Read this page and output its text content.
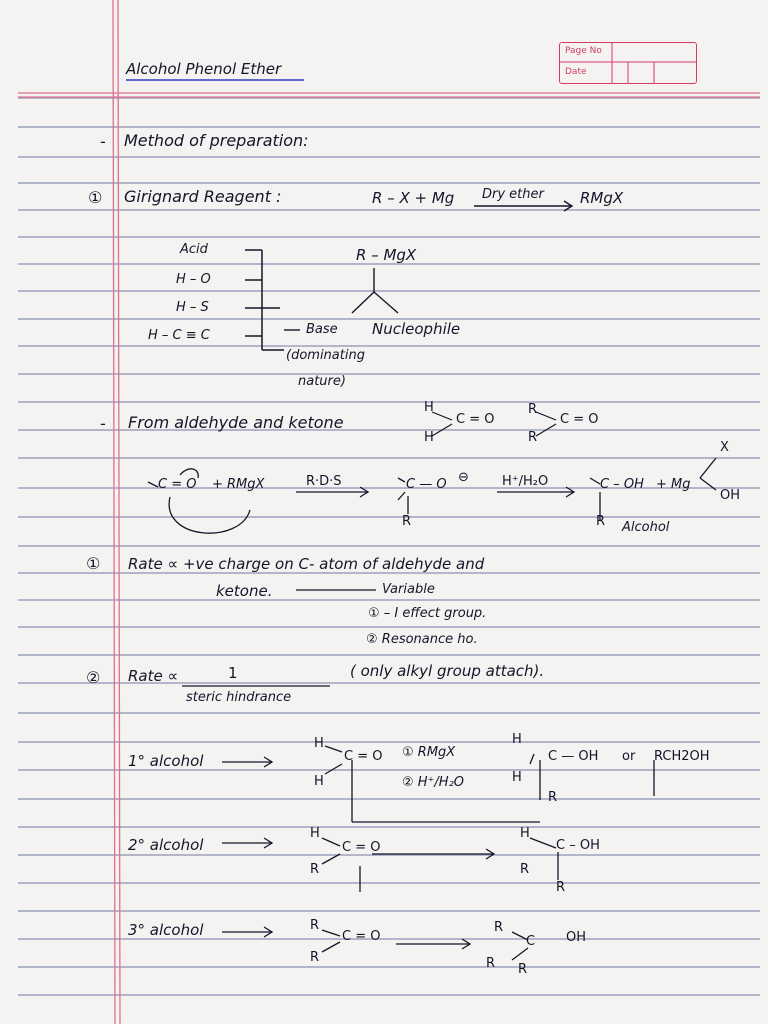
Page No
Date
Alcohol Phenol Ether
- Method of preparation:
① Girignard Reagent :	R – X + Mg Dry ether RMgX
Acid
H – O
H – S
H – C ≡ C
R – MgX
Base Nucleophile
(dominating
nature)
- From aldehyde and ketone
H
H
C = O
R
R
C = O
C = O + RMgX	R·D·S	C — O ⊖
R
H⁺/H₂O	C – OH + Mg
X
OH
R Alcohol
① Rate ∝ +ve charge on C- atom of aldehyde and
ketone.	Variable
① – I effect group.
② Resonance ho.
② Rate ∝	1
steric hindrance
( only alkyl group attach).
1° alcohol
H
H
C = O ① RMgX
② H⁺/H₂O
H
H
C — OH
R
or RCH2OH
2° alcohol
H
R
C = O
H
R
C – OH
R
3° alcohol	R
R
C = O
R
R
C
R
OH
